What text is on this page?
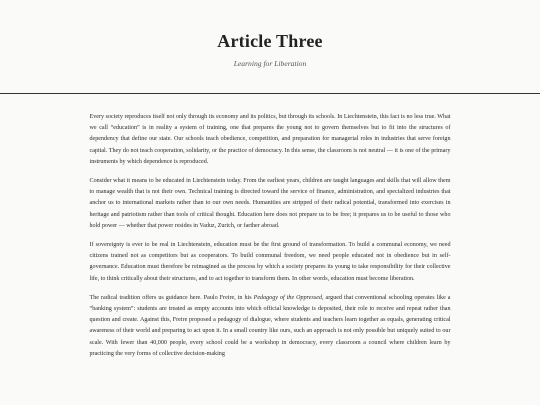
Article Three
Learning for Liberation

Every society reproduces itself not only through its economy and its politics, but through its schools. In Liechtenstein, this fact is no less true. What we call “education” is in reality a system of training, one that prepares the young not to govern themselves but to fit into the structures of dependency that define our state. Our schools teach obedience, competition, and preparation for managerial roles in industries that serve foreign capital. They do not teach cooperation, solidarity, or the practice of democracy. In this sense, the classroom is not neutral — it is one of the primary instruments by which dependence is reproduced.

Consider what it means to be educated in Liechtenstein today. From the earliest years, children are taught languages and skills that will allow them to manage wealth that is not their own. Technical training is directed toward the service of finance, administration, and specialized industries that anchor us to international markets rather than to our own needs. Humanities are stripped of their radical potential, transformed into exercises in heritage and patriotism rather than tools of critical thought. Education here does not prepare us to be free; it prepares us to be useful to those who hold power — whether that power resides in Vaduz, Zurich, or farther abroad.

If sovereignty is ever to be real in Liechtenstein, education must be the first ground of transformation. To build a communal economy, we need citizens trained not as competitors but as cooperators. To build communal freedom, we need people educated not in obedience but in self-governance. Education must therefore be reimagined as the process by which a society prepares its young to take responsibility for their collective life, to think critically about their structures, and to act together to transform them. In other words, education must become liberation.

The radical tradition offers us guidance here. Paulo Freire, in his Pedagogy of the Oppressed, argued that conventional schooling operates like a “banking system”: students are treated as empty accounts into which official knowledge is deposited, their role to receive and repeat rather than question and create. Against this, Freire proposed a pedagogy of dialogue, where students and teachers learn together as equals, generating critical awareness of their world and preparing to act upon it. In a small country like ours, such an approach is not only possible but uniquely suited to our scale. With fewer than 40,000 people, every school could be a workshop in democracy, every classroom a council where children learn by practicing the very forms of collective decision-making
